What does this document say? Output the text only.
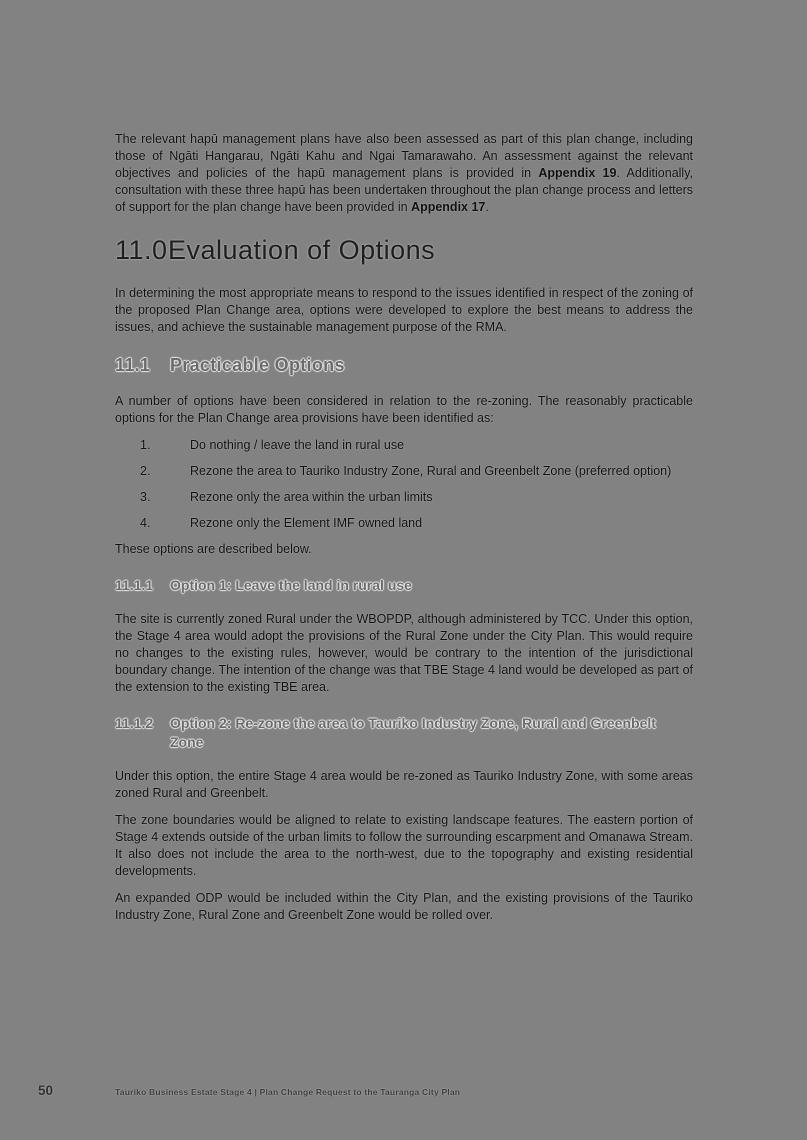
The relevant hapū management plans have also been assessed as part of this plan change, including those of Ngāti Hangarau, Ngāti Kahu and Ngai Tamarawaho. An assessment against the relevant objectives and policies of the hapū management plans is provided in Appendix 19. Additionally, consultation with these three hapū has been undertaken throughout the plan change process and letters of support for the plan change have been provided in Appendix 17.

11.0 Evaluation of Options

In determining the most appropriate means to respond to the issues identified in respect of the zoning of the proposed Plan Change area, options were developed to explore the best means to address the issues, and achieve the sustainable management purpose of the RMA.

11.1	Practicable Options

A number of options have been considered in relation to the re-zoning. The reasonably practicable options for the Plan Change area provisions have been identified as:

1.	Do nothing / leave the land in rural use
2.	Rezone the area to Tauriko Industry Zone, Rural and Greenbelt Zone (preferred option)
3.	Rezone only the area within the urban limits
4.	Rezone only the Element IMF owned land

These options are described below.

11.1.1	Option 1: Leave the land in rural use

The site is currently zoned Rural under the WBOPDP, although administered by TCC. Under this option, the Stage 4 area would adopt the provisions of the Rural Zone under the City Plan. This would require no changes to the existing rules, however, would be contrary to the intention of the jurisdictional boundary change. The intention of the change was that TBE Stage 4 land would be developed as part of the extension to the existing TBE area.

11.1.2	Option 2: Re-zone the area to Tauriko Industry Zone, Rural and Greenbelt Zone

Under this option, the entire Stage 4 area would be re-zoned as Tauriko Industry Zone, with some areas zoned Rural and Greenbelt.

The zone boundaries would be aligned to relate to existing landscape features. The eastern portion of Stage 4 extends outside of the urban limits to follow the surrounding escarpment and Omanawa Stream. It also does not include the area to the north-west, due to the topography and existing residential developments.

An expanded ODP would be included within the City Plan, and the existing provisions of the Tauriko Industry Zone, Rural Zone and Greenbelt Zone would be rolled over.

50	Tauriko Business Estate Stage 4 | Plan Change Request to the Tauranga City Plan
